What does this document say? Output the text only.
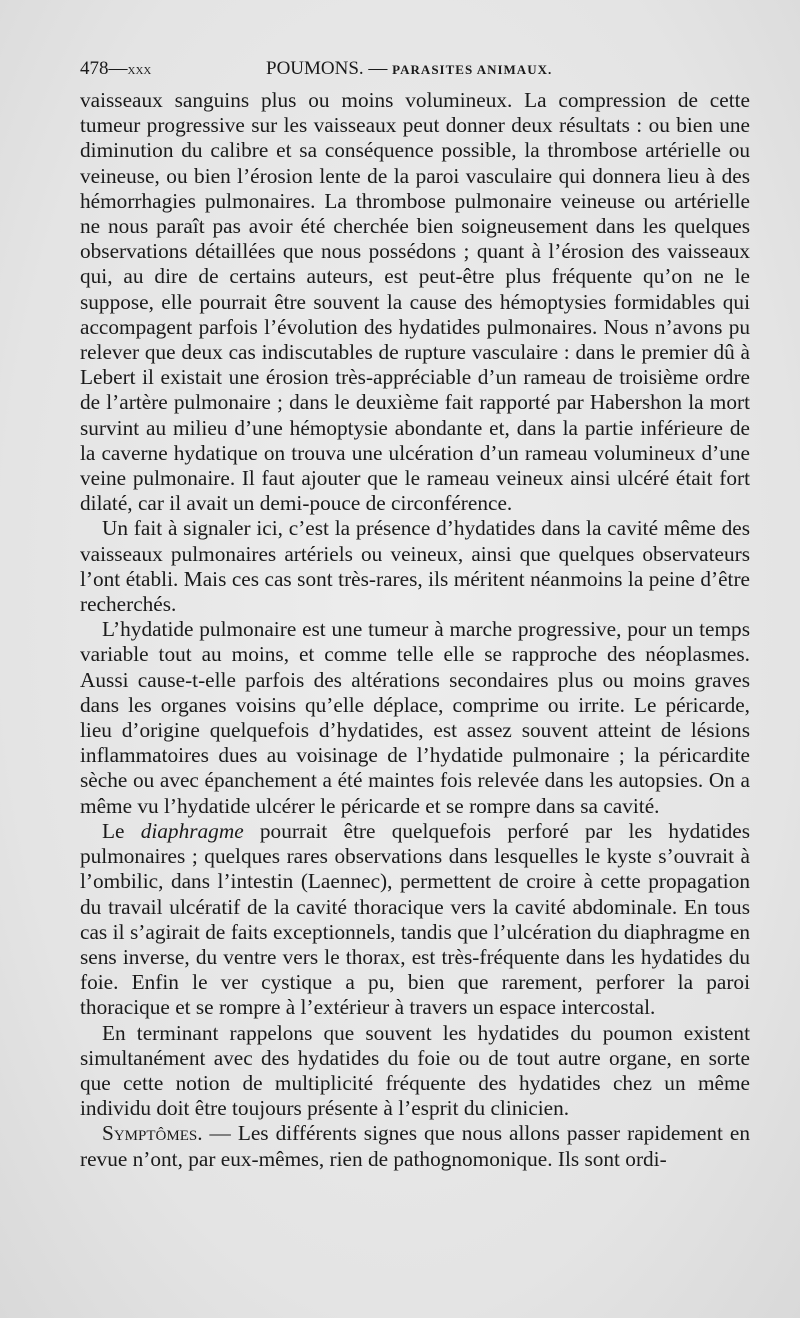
478—xxx	POUMONS. — PARASITES ANIMAUX.

vaisseaux sanguins plus ou moins volumineux. La compression de cette tumeur progressive sur les vaisseaux peut donner deux résultats : ou bien une diminution du calibre et sa conséquence possible, la thrombose artérielle ou veineuse, ou bien l’érosion lente de la paroi vasculaire qui donnera lieu à des hémorrhagies pulmonaires. La thrombose pulmonaire veineuse ou artérielle ne nous paraît pas avoir été cherchée bien soigneusement dans les quelques observations détaillées que nous possédons ; quant à l’érosion des vaisseaux qui, au dire de certains auteurs, est peut-être plus fréquente qu’on ne le suppose, elle pourrait être souvent la cause des hémoptysies formidables qui accompagent parfois l’évolution des hydatides pulmonaires. Nous n’avons pu relever que deux cas indiscutables de rupture vasculaire : dans le premier dû à Lebert il existait une érosion très-appréciable d’un rameau de troisième ordre de l’artère pulmonaire ; dans le deuxième fait rapporté par Habershon la mort survint au milieu d’une hémoptysie abondante et, dans la partie inférieure de la caverne hydatique on trouva une ulcération d’un rameau volumineux d’une veine pulmonaire. Il faut ajouter que le rameau veineux ainsi ulcéré était fort dilaté, car il avait un demi-pouce de circonférence.

Un fait à signaler ici, c’est la présence d’hydatides dans la cavité même des vaisseaux pulmonaires artériels ou veineux, ainsi que quelques observateurs l’ont établi. Mais ces cas sont très-rares, ils méritent néanmoins la peine d’être recherchés.

L’hydatide pulmonaire est une tumeur à marche progressive, pour un temps variable tout au moins, et comme telle elle se rapproche des néoplasmes. Aussi cause-t-elle parfois des altérations secondaires plus ou moins graves dans les organes voisins qu’elle déplace, comprime ou irrite. Le péricarde, lieu d’origine quelquefois d’hydatides, est assez souvent atteint de lésions inflammatoires dues au voisinage de l’hydatide pulmonaire ; la péricardite sèche ou avec épanchement a été maintes fois relevée dans les autopsies. On a même vu l’hydatide ulcérer le péricarde et se rompre dans sa cavité.

Le diaphragme pourrait être quelquefois perforé par les hydatides pulmonaires ; quelques rares observations dans lesquelles le kyste s’ouvrait à l’ombilic, dans l’intestin (Laennec), permettent de croire à cette propagation du travail ulcératif de la cavité thoracique vers la cavité abdominale. En tous cas il s’agirait de faits exceptionnels, tandis que l’ulcération du diaphragme en sens inverse, du ventre vers le thorax, est très-fréquente dans les hydatides du foie. Enfin le ver cystique a pu, bien que rarement, perforer la paroi thoracique et se rompre à l’extérieur à travers un espace intercostal.

En terminant rappelons que souvent les hydatides du poumon existent simultanément avec des hydatides du foie ou de tout autre organe, en sorte que cette notion de multiplicité fréquente des hydatides chez un même individu doit être toujours présente à l’esprit du clinicien.

Symptômes. — Les différents signes que nous allons passer rapidement en revue n’ont, par eux-mêmes, rien de pathognomonique. Ils sont ordi-
